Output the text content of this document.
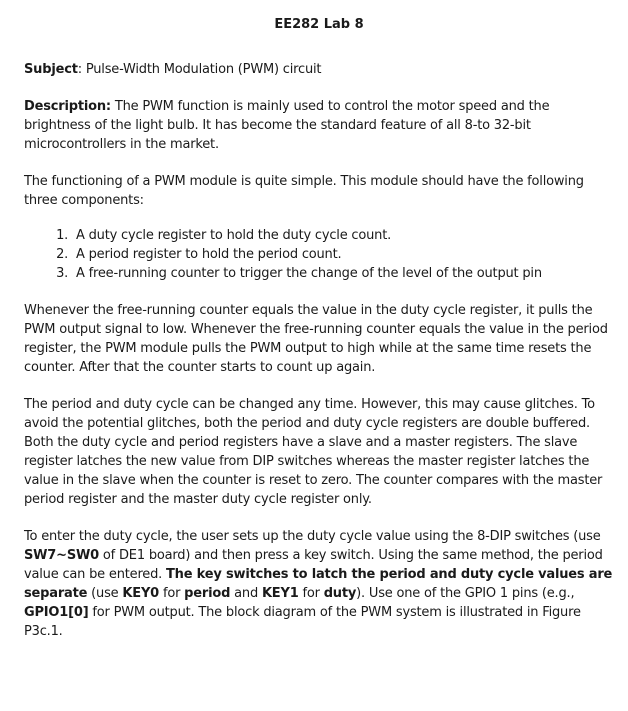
EE282 Lab 8

Subject: Pulse-Width Modulation (PWM) circuit

Description: The PWM function is mainly used to control the motor speed and the brightness of the light bulb. It has become the standard feature of all 8-to 32-bit microcontrollers in the market.

The functioning of a PWM module is quite simple. This module should have the following three components:

1. A duty cycle register to hold the duty cycle count.
2. A period register to hold the period count.
3. A free-running counter to trigger the change of the level of the output pin

Whenever the free-running counter equals the value in the duty cycle register, it pulls the PWM output signal to low. Whenever the free-running counter equals the value in the period register, the PWM module pulls the PWM output to high while at the same time resets the counter. After that the counter starts to count up again.

The period and duty cycle can be changed any time. However, this may cause glitches. To avoid the potential glitches, both the period and duty cycle registers are double buffered. Both the duty cycle and period registers have a slave and a master registers. The slave register latches the new value from DIP switches whereas the master register latches the value in the slave when the counter is reset to zero. The counter compares with the master period register and the master duty cycle register only.

To enter the duty cycle, the user sets up the duty cycle value using the 8-DIP switches (use SW7~SW0 of DE1 board) and then press a key switch. Using the same method, the period value can be entered. The key switches to latch the period and duty cycle values are separate (use KEY0 for period and KEY1 for duty). Use one of the GPIO 1 pins (e.g., GPIO1[0] for PWM output. The block diagram of the PWM system is illustrated in Figure P3c.1.
